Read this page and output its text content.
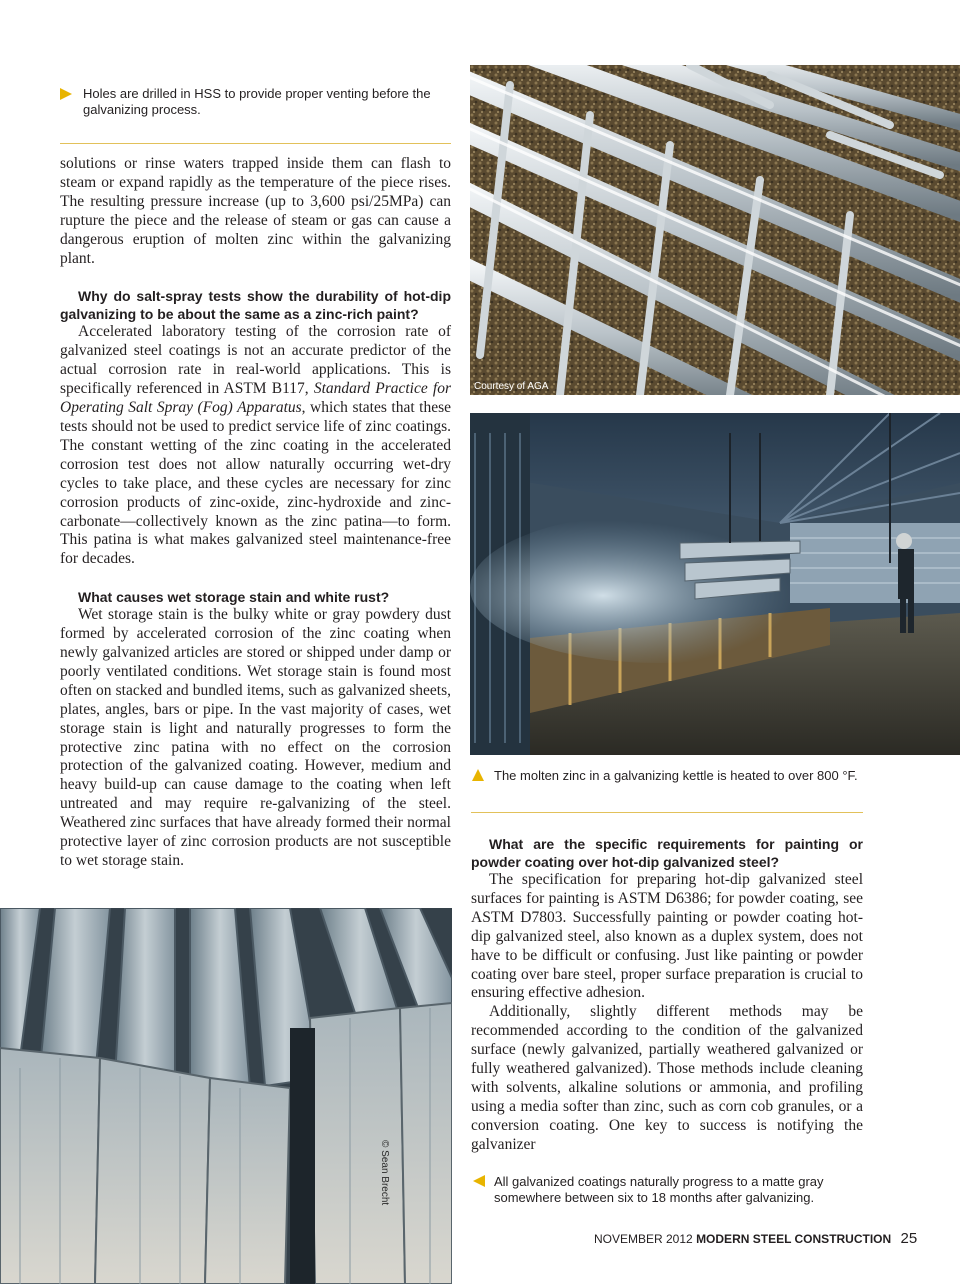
Holes are drilled in HSS to provide proper venting before the galvanizing process.

solutions or rinse waters trapped inside them can flash to steam or expand rapidly as the temperature of the piece rises. The resulting pressure increase (up to 3,600 psi/25MPa) can rupture the piece and the release of steam or gas can cause a dangerous eruption of molten zinc within the galvanizing plant.

Why do salt-spray tests show the durability of hot-dip galvanizing to be about the same as a zinc-rich paint?

Accelerated laboratory testing of the corrosion rate of galvanized steel coatings is not an accurate predictor of the actual corrosion rate in real-world applications. This is specifically referenced in ASTM B117, Standard Practice for Operating Salt Spray (Fog) Apparatus, which states that these tests should not be used to predict service life of zinc coatings. The constant wetting of the zinc coating in the accelerated corrosion test does not allow naturally occurring wet-dry cycles to take place, and these cycles are necessary for zinc corrosion products of zinc-oxide, zinc-hydroxide and zinc-carbonate—collectively known as the zinc patina—to form. This patina is what makes galvanized steel maintenance-free for decades.

What causes wet storage stain and white rust?

Wet storage stain is the bulky white or gray powdery dust formed by accelerated corrosion of the zinc coating when newly galvanized articles are stored or shipped under damp or poorly ventilated conditions. Wet storage stain is found most often on stacked and bundled items, such as galvanized sheets, plates, angles, bars or pipe. In the vast majority of cases, wet storage stain is light and naturally progresses to form the protective zinc patina with no effect on the corrosion protection of the galvanized coating. However, medium and heavy build-up can cause damage to the coating when left untreated and may require re-galvanizing of the steel. Weathered zinc surfaces that have already formed their normal protective layer of zinc corrosion products are not susceptible to wet storage stain.

Courtesy of AGA
The molten zinc in a galvanizing kettle is heated to over 800 °F.

What are the specific requirements for painting or powder coating over hot-dip galvanized steel?

The specification for preparing hot-dip galvanized steel surfaces for painting is ASTM D6386; for powder coating, see ASTM D7803. Successfully painting or powder coating hot-dip galvanized steel, also known as a duplex system, does not have to be difficult or confusing. Just like painting or powder coating over bare steel, proper surface preparation is crucial to ensuring effective adhesion.

Additionally, slightly different methods may be recommended according to the condition of the galvanized surface (newly galvanized, partially weathered galvanized or fully weathered galvanized). Those methods include cleaning with solvents, alkaline solutions or ammonia, and profiling using a media softer than zinc, such as corn cob granules, or a conversion coating. One key to success is notifying the galvanizer

© Sean Brecht	All galvanized coatings naturally progress to a matte gray somewhere between six to 18 months after galvanizing.
NOVEMBER 2012 MODERN STEEL CONSTRUCTION 25
